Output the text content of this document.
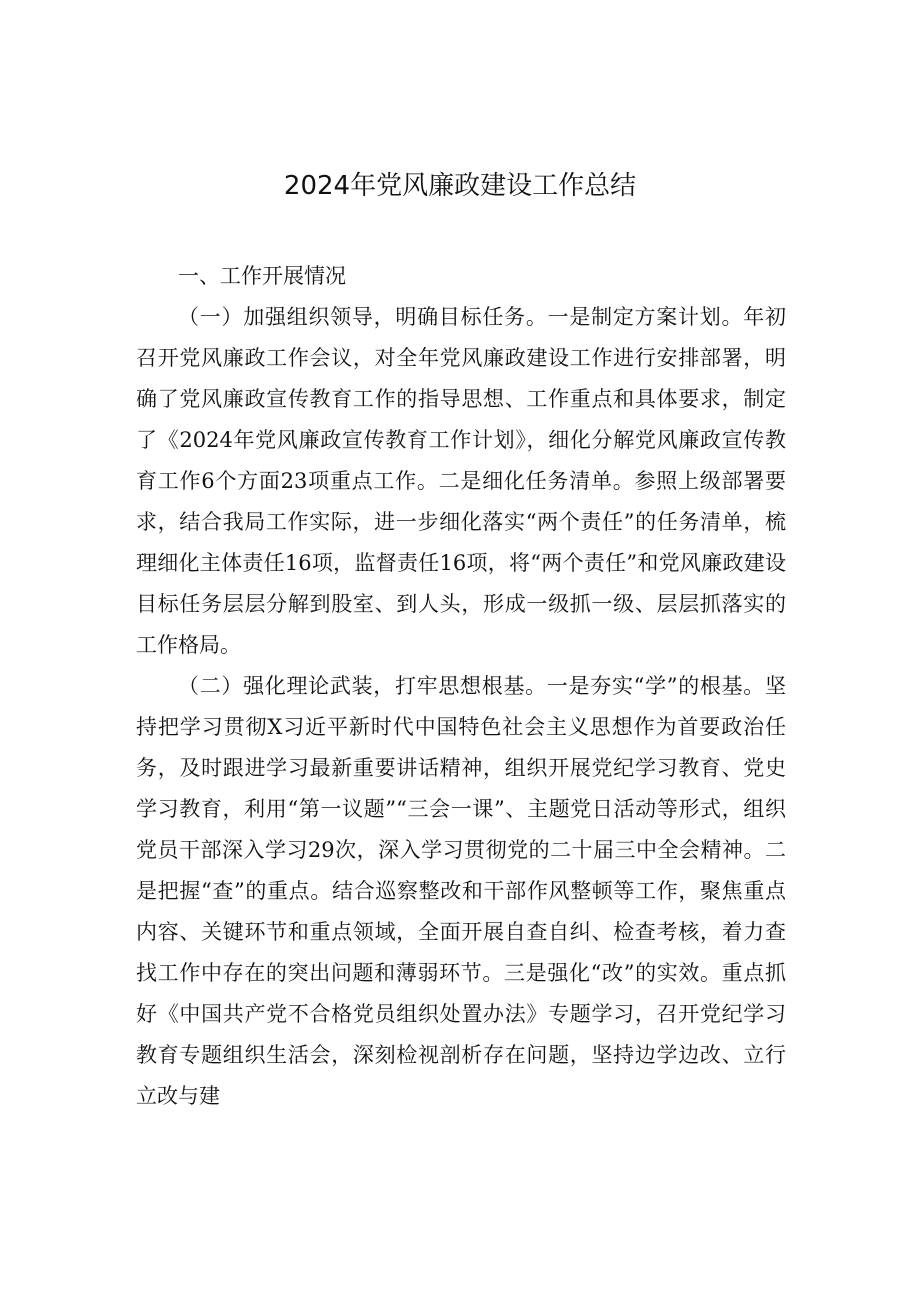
2024年党风廉政建设工作总结

一、工作开展情况

（一）加强组织领导，明确目标任务。一是制定方案计划。年初召开党风廉政工作会议，对全年党风廉政建设工作进行安排部署，明确了党风廉政宣传教育工作的指导思想、工作重点和具体要求，制定了《2024年党风廉政宣传教育工作计划》，细化分解党风廉政宣传教育工作6个方面23项重点工作。二是细化任务清单。参照上级部署要求，结合我局工作实际，进一步细化落实“两个责任”的任务清单，梳理细化主体责任16项，监督责任16项，将“两个责任”和党风廉政建设目标任务层层分解到股室、到人头，形成一级抓一级、层层抓落实的工作格局。

（二）强化理论武装，打牢思想根基。一是夯实“学”的根基。坚持把学习贯彻X习近平新时代中国特色社会主义思想作为首要政治任务，及时跟进学习最新重要讲话精神，组织开展党纪学习教育、党史学习教育，利用“第一议题”“三会一课”、主题党日活动等形式，组织党员干部深入学习29次，深入学习贯彻党的二十届三中全会精神。二是把握“查”的重点。结合巡察整改和干部作风整顿等工作，聚焦重点内容、关键环节和重点领域，全面开展自查自纠、检查考核，着力查找工作中存在的突出问题和薄弱环节。三是强化“改”的实效。重点抓好《中国共产党不合格党员组织处置办法》专题学习，召开党纪学习教育专题组织生活会，深刻检视剖析存在问题，坚持边学边改、立行立改与建
